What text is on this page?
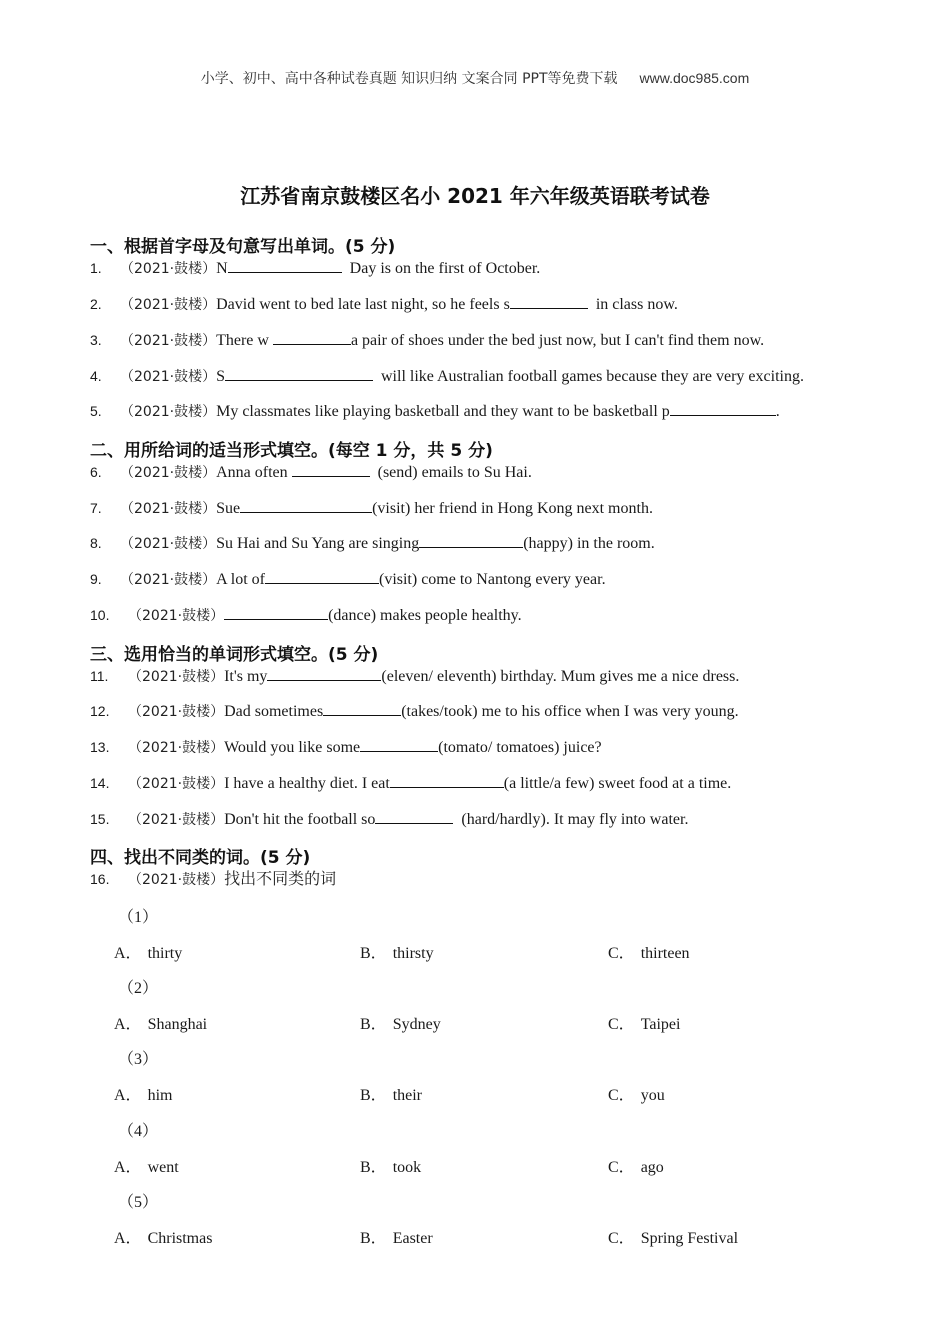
小学、初中、高中各种试卷真题 知识归纳 文案合同 PPT等免费下载 www.doc985.com
江苏省南京鼓楼区名小 2021 年六年级英语联考试卷
一、根据首字母及句意写出单词。(5 分)
1. （2021·鼓楼）N	Day is on the first of October.
2. （2021·鼓楼）David went to bed late last night, so he feels s	in class now.
3. （2021·鼓楼）There w	a pair of shoes under the bed just now, but I can't find them now.
4. （2021·鼓楼）S	will like Australian football games because they are very exciting.
5. （2021·鼓楼）My classmates like playing basketball and they want to be basketball p	.
二、用所给词的适当形式填空。(每空 1 分，共 5 分)
6. （2021·鼓楼）Anna often	(send) emails to Su Hai.
7. （2021·鼓楼）Sue	(visit) her friend in Hong Kong next month.
8. （2021·鼓楼）Su Hai and Su Yang are singing	(happy) in the room.
9. （2021·鼓楼）A lot of	(visit) come to Nantong every year.
10. （2021·鼓楼）	(dance) makes people healthy.
三、选用恰当的单词形式填空。(5 分)
11. （2021·鼓楼）It's my	(eleven/ eleventh) birthday. Mum gives me a nice dress.
12. （2021·鼓楼）Dad sometimes	(takes/took) me to his office when I was very young.
13. （2021·鼓楼）Would you like some	(tomato/ tomatoes) juice?
14. （2021·鼓楼）I have a healthy diet. I eat	(a little/a few) sweet food at a time.
15. （2021·鼓楼）Don't hit the football so	(hard/hardly). It may fly into water.
四、找出不同类的词。(5 分)
16. （2021·鼓楼）找出不同类的词
（1）
A． thirty	B． thirsty	C． thirteen
（2）
A． Shanghai	B． Sydney	C． Taipei
（3）
A． him	B． their	C． you
（4）
A． went	B． took	C． ago
（5）
A． Christmas	B． Easter	C． Spring Festival
